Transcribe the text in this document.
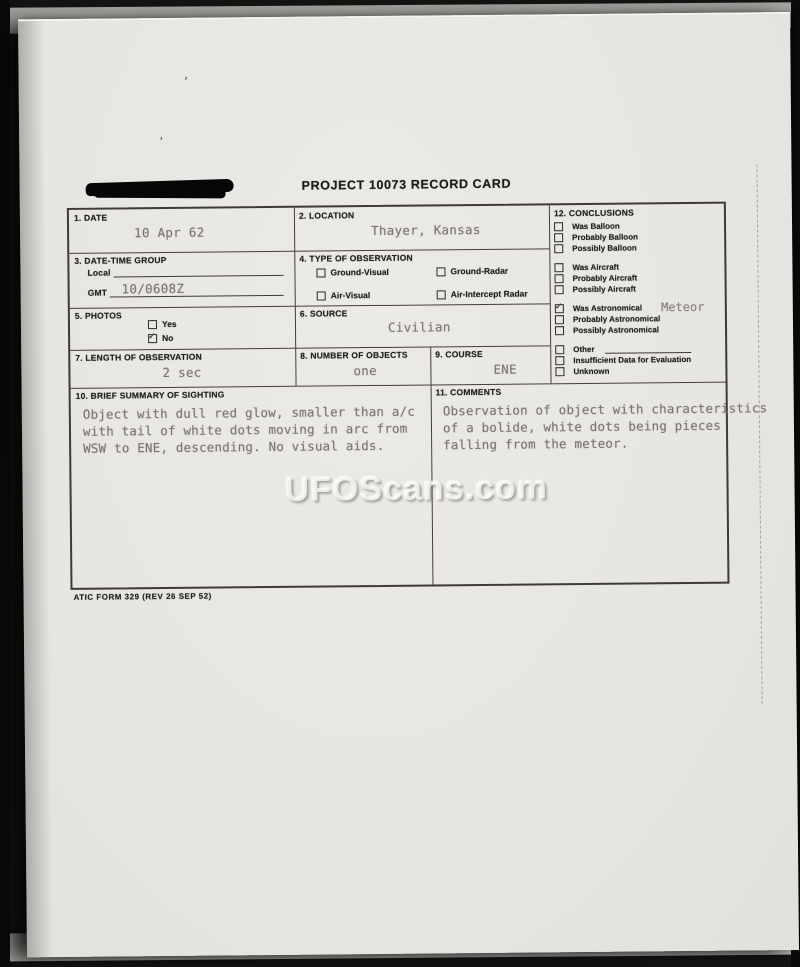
’
’
PROJECT 10073 RECORD CARD
UFOScans.com
1. DATE
10 Apr 62
2. LOCATION
Thayer, Kansas
3. DATE-TIME GROUP
Local
GMT 10/0608Z
4. TYPE OF OBSERVATION
Ground-Visual	Ground-Radar
Air-Visual	Air-Intercept Radar
5. PHOTOS
Yes
✓
No
6. SOURCE
Civilian
7. LENGTH OF OBSERVATION
2 sec
8. NUMBER OF OBJECTS
one
9. COURSE
ENE
10. BRIEF SUMMARY OF SIGHTING
Object with dull red glow, smaller than a/c
with tail of white dots moving in arc from
WSW to ENE, descending. No visual aids.
11. COMMENTS
Observation of object with characteristics
of a bolide, white dots being pieces
falling from the meteor.
12. CONCLUSIONS
Was Balloon
Probably Balloon
Possibly Balloon
Was Aircraft
Probably Aircraft
Possibly Aircraft
✓
Was Astronomical Meteor
Probably Astronomical
Possibly Astronomical
Other
Insufficient Data for Evaluation
Unknown
ATIC FORM 329 (REV 26 SEP 52)
